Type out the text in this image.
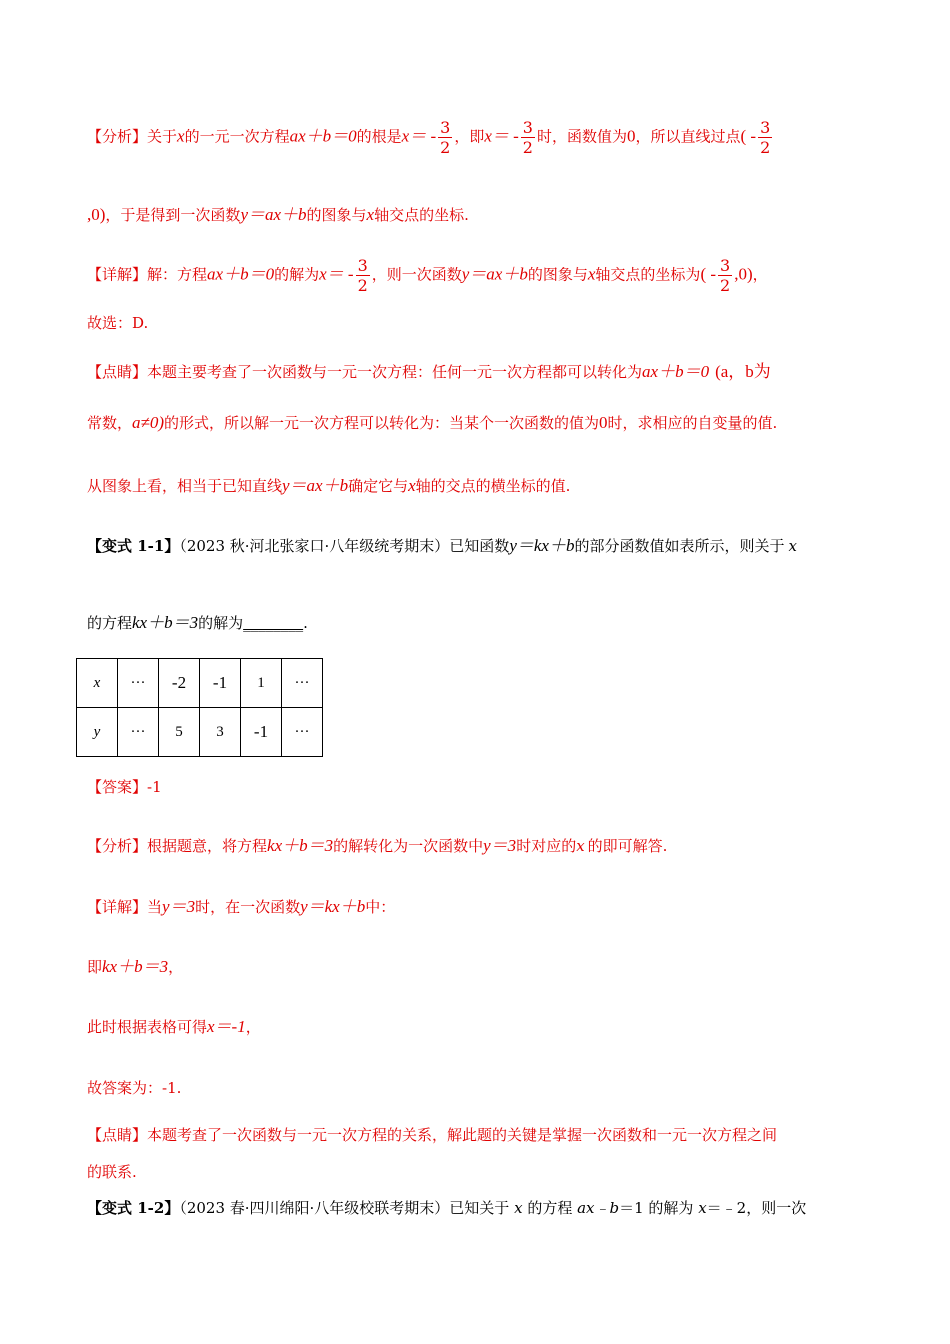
【分析】关于x的一元一次方程ax＋b＝0的根是$x= - \frac{3}{2}$ ，即$x= - \frac{3}{2}$ 时，函数值为0，所以直线过点( - $\frac{3}{2}$
,0)，于是得到一次函数y＝ax＋b的图象与x轴交点的坐标.
【详解】解：方程ax＋b＝0的解为$x= - \frac{3}{2}$ ，则一次函数y＝ax＋b的图象与x轴交点的坐标为( - $\frac{3}{2} ,0$)，
故选：D.
【点睛】本题主要考查了一次函数与一元一次方程：任何一元一次方程都可以转化为ax＋b＝0 (a，b为
常数，a≠0)的形式，所以解一元一次方程可以转化为：当某个一次函数的值为0时，求相应的自变量的值.
从图象上看，相当于已知直线y＝ax＋b确定它与x轴的交点的横坐标的值.
【变式 1-1】（2023 秋·河北张家口·八年级统考期末）已知函数y＝kx＋b的部分函数值如表所示，则关于 x
的方程kx＋b＝3的解为________.
x	···	-2	-1	1	···
y	···	5	3	-1	···
【答案】-1
【分析】根据题意，将方程kx＋b＝3的解转化为一次函数中y＝3时对应的x 的即可解答.
【详解】当y＝3时，在一次函数y＝kx＋b中：
即kx＋b＝3，
此时根据表格可得x＝-1，
故答案为：-1.
【点睛】本题考查了一次函数与一元一次方程的关系，解此题的关键是掌握一次函数和一元一次方程之间
的联系.
【变式 1-2】（2023 春·四川绵阳·八年级校联考期末）已知关于 x 的方程 ax﹣b＝1 的解为 x＝﹣2，则一次
